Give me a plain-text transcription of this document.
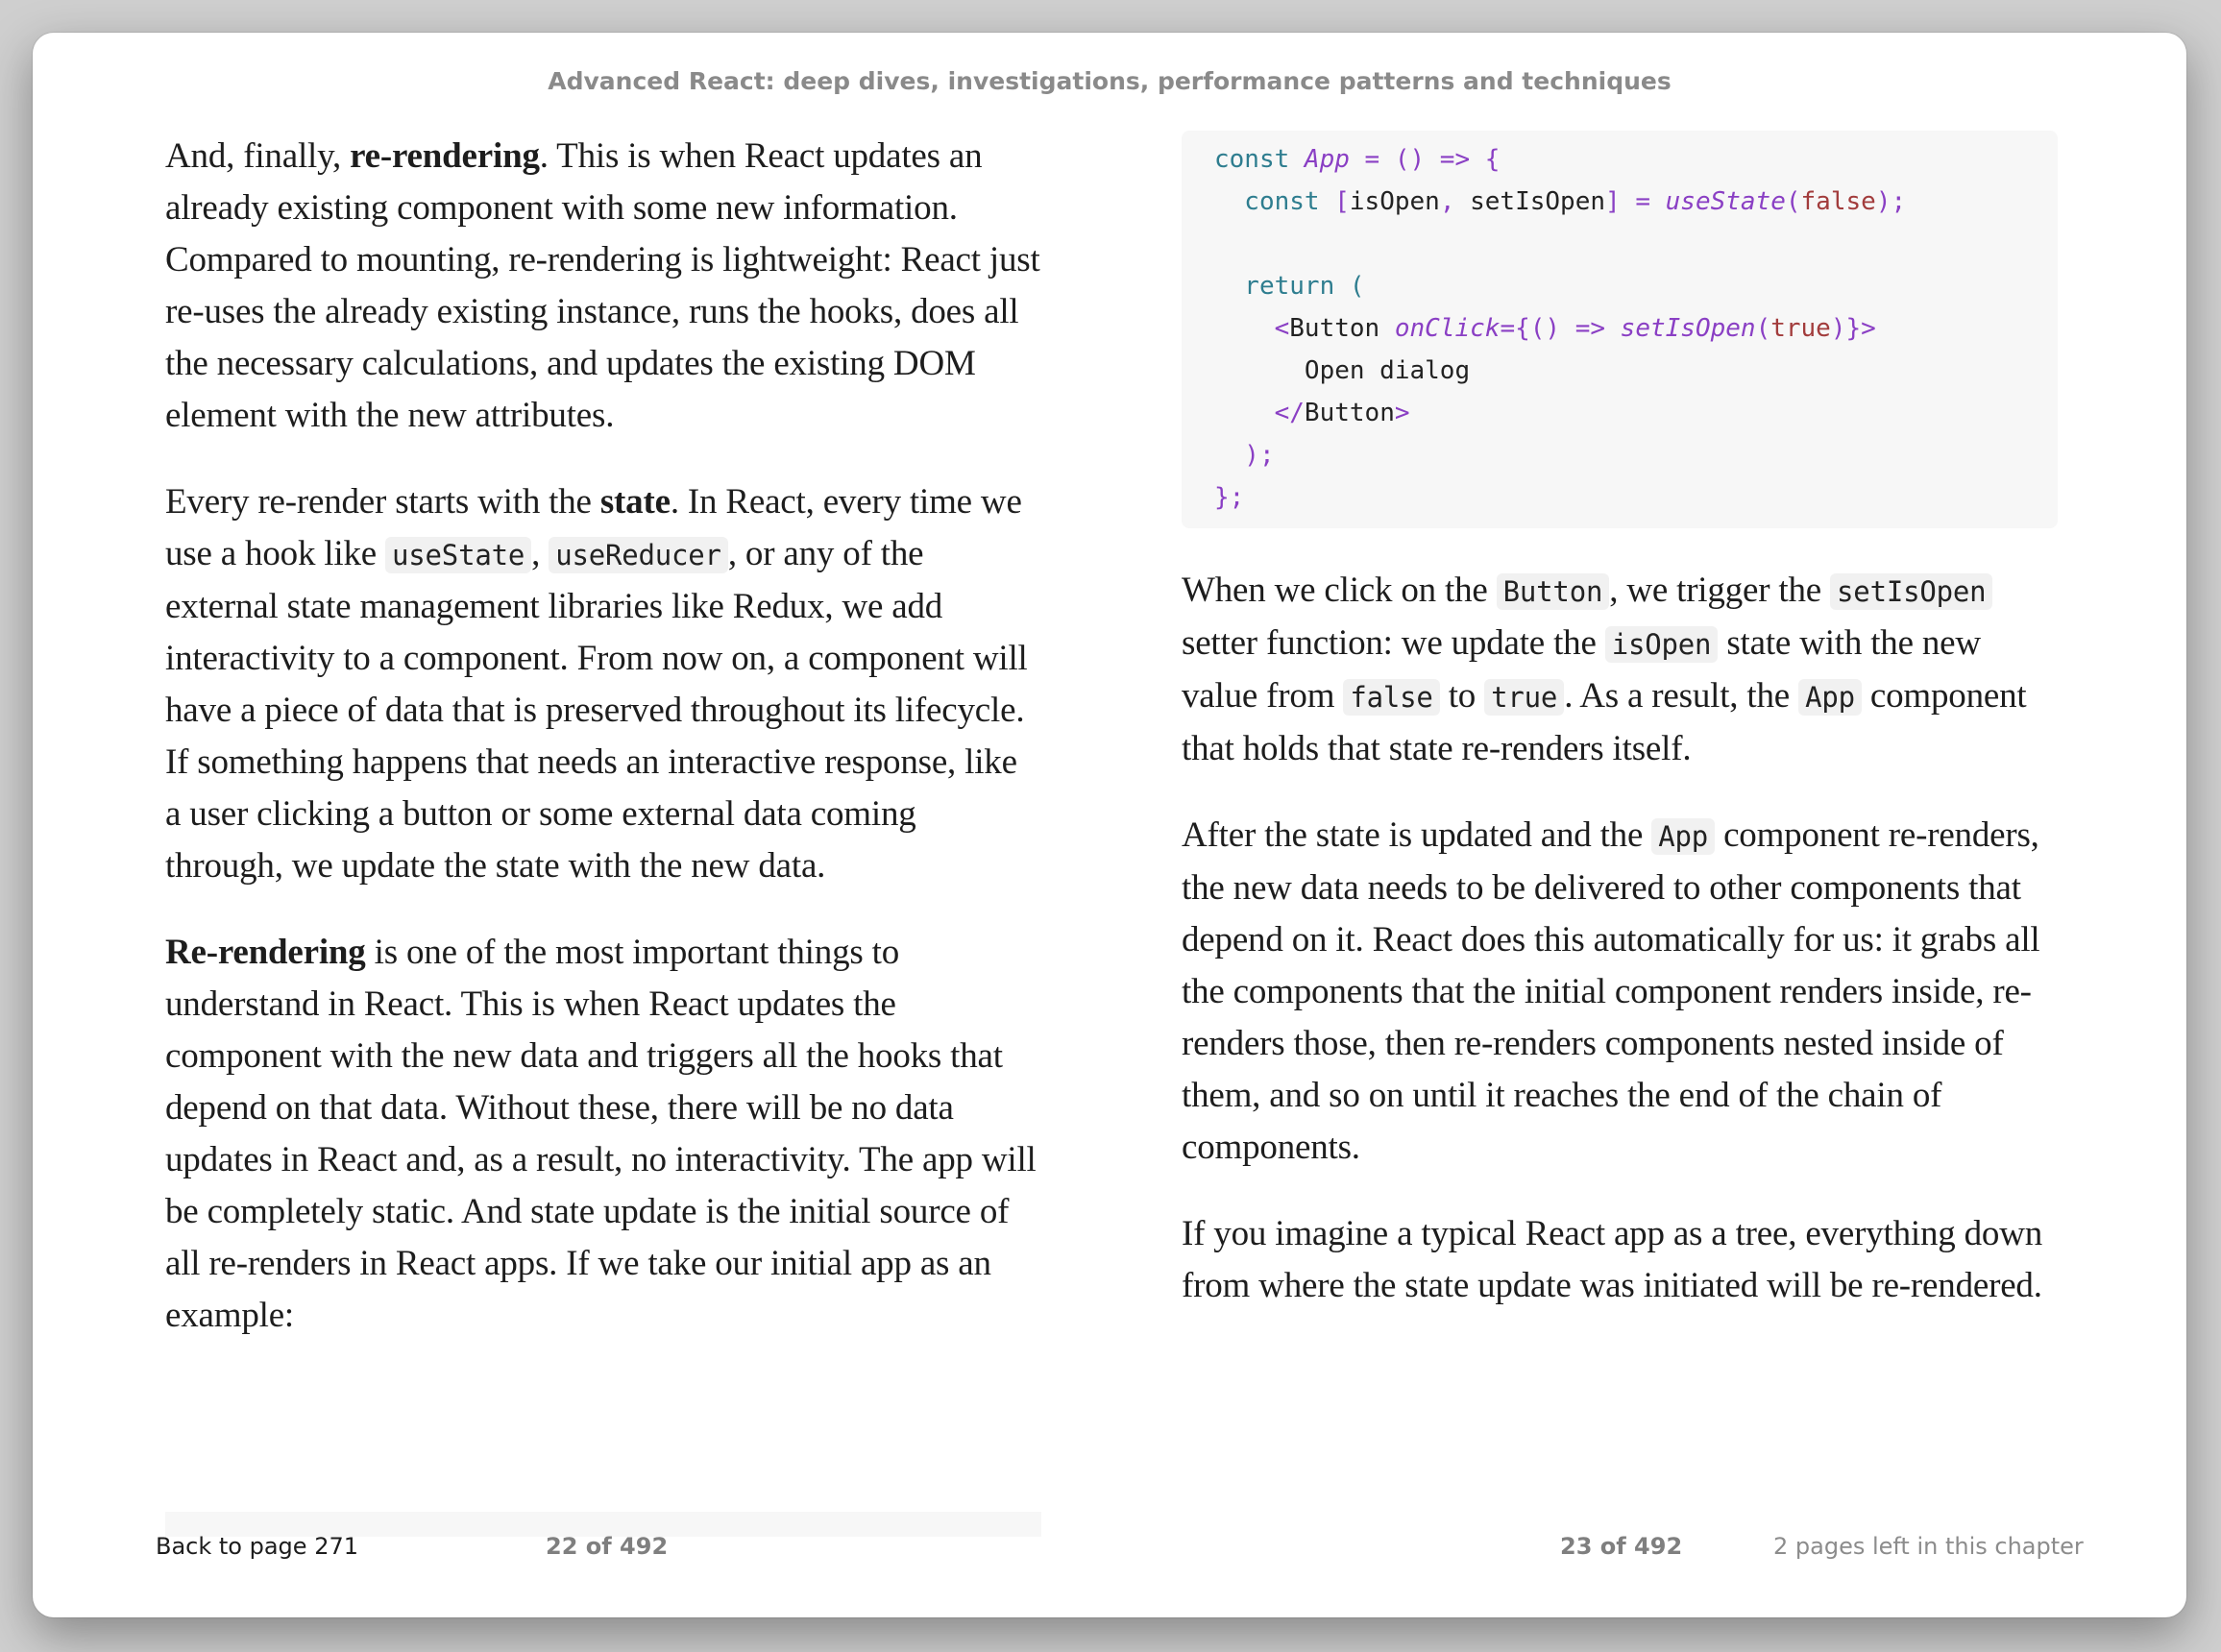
Advanced React: deep dives, investigations, performance patterns and techniques

And, finally, re-rendering. This is when React updates an already existing component with some new information. Compared to mounting, re-rendering is lightweight: React just re-uses the already existing instance, runs the hooks, does all the necessary calculations, and updates the existing DOM element with the new attributes.

Every re-render starts with the state. In React, every time we use a hook like useState , useReducer , or any of the external state management libraries like Redux, we add interactivity to a component. From now on, a component will have a piece of data that is preserved throughout its lifecycle. If something happens that needs an interactive response, like a user clicking a button or some external data coming through, we update the state with the new data.

Re-rendering is one of the most important things to understand in React. This is when React updates the component with the new data and triggers all the hooks that depend on that data. Without these, there will be no data updates in React and, as a result, no interactivity. The app will be completely static. And state update is the initial source of all re-renders in React apps. If we take our initial app as an example:

const App = () => {
const [isOpen, setIsOpen] = useState(false);
return (
<Button onClick={() => setIsOpen(true)}>
Open dialog
</Button>
);
};

When we click on the Button , we trigger the setIsOpen setter function: we update the isOpen state with the new value from false to true . As a result, the App component that holds that state re-renders itself.

After the state is updated and the App component re-renders, the new data needs to be delivered to other components that depend on it. React does this automatically for us: it grabs all the components that the initial component renders inside, re-renders those, then re-renders components nested inside of them, and so on until it reaches the end of the chain of components.

If you imagine a typical React app as a tree, everything down from where the state update was initiated will be re-rendered.

Back to page 271	22 of 492	23 of 492	2 pages left in this chapter
